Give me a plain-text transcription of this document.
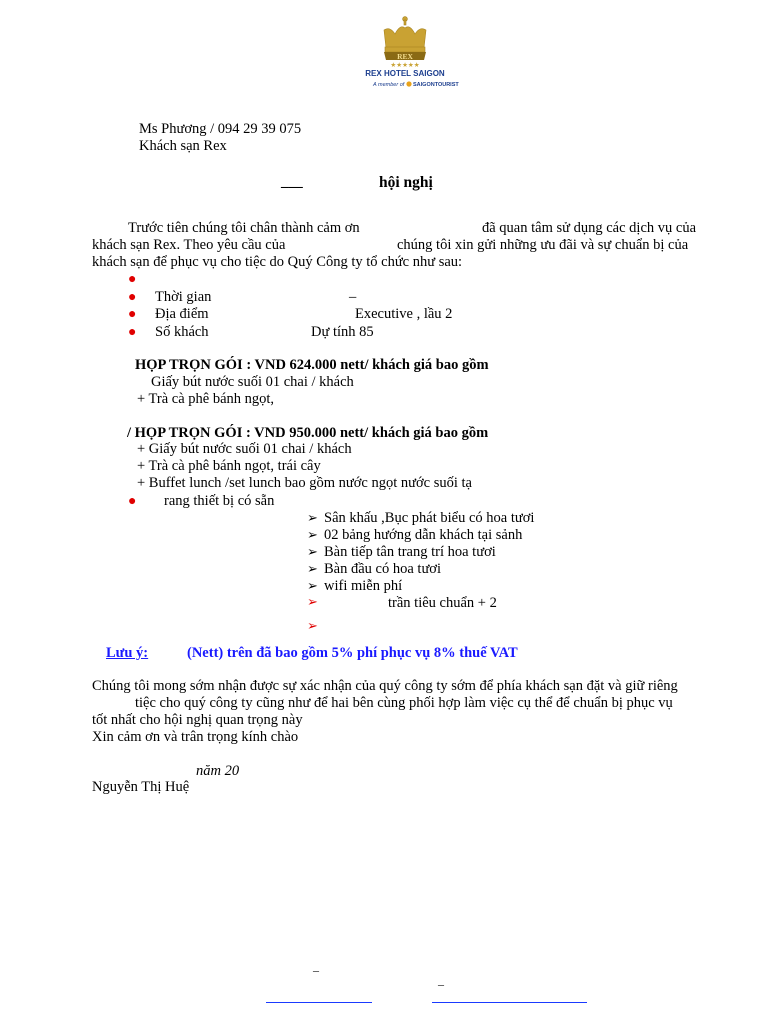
REX
★★★★★
REX HOTEL SAIGON
A member of SAIGONTOURIST
Ms Phương / 094 29 39 075
Khách sạn Rex
___	hội nghị
Trước tiên chúng tôi chân thành cảm ơn	đã quan tâm sử dụng các dịch vụ của
khách sạn Rex. Theo yêu cầu của	chúng tôi xin gửi những ưu đãi và sự chuẩn bị của
khách sạn để phục vụ cho tiệc do Quý Công ty tổ chức như sau:
●
● Thời gian	–
● Địa điểm	Executive , lầu 2
● Số khách	Dự tính 85
HỌP TRỌN GÓI : VND 624.000 nett/ khách giá bao gồm
Giấy bút nước suối 01 chai / khách
+ Trà cà phê bánh ngọt,
/ HỌP TRỌN GÓI : VND 950.000 nett/ khách giá bao gồm
+ Giấy bút nước suối 01 chai / khách
+ Trà cà phê bánh ngọt, trái cây
+ Buffet lunch /set lunch bao gồm nước ngọt nước suối tạ
● rang thiết bị có sẵn
➢ Sân khấu ,Bục phát biểu có hoa tươi
➢ 02 bảng hướng dẫn khách tại sảnh
➢ Bàn tiếp tân trang trí hoa tươi
➢ Bàn đầu có hoa tươi
➢ wifi miễn phí
➢	trần tiêu chuẩn + 2
➢
Lưu ý:	(Nett) trên đã bao gồm 5% phí phục vụ 8% thuế VAT
Chúng tôi mong sớm nhận được sự xác nhận của quý công ty sớm để phía khách sạn đặt và giữ riêng
tiệc cho quý công ty cũng như để hai bên cùng phối hợp làm việc cụ thể để chuẩn bị phục vụ
tốt nhất cho hội nghị quan trọng này
Xin cảm ơn và trân trọng kính chào
năm 20
Nguyễn Thị Huệ
–
–
